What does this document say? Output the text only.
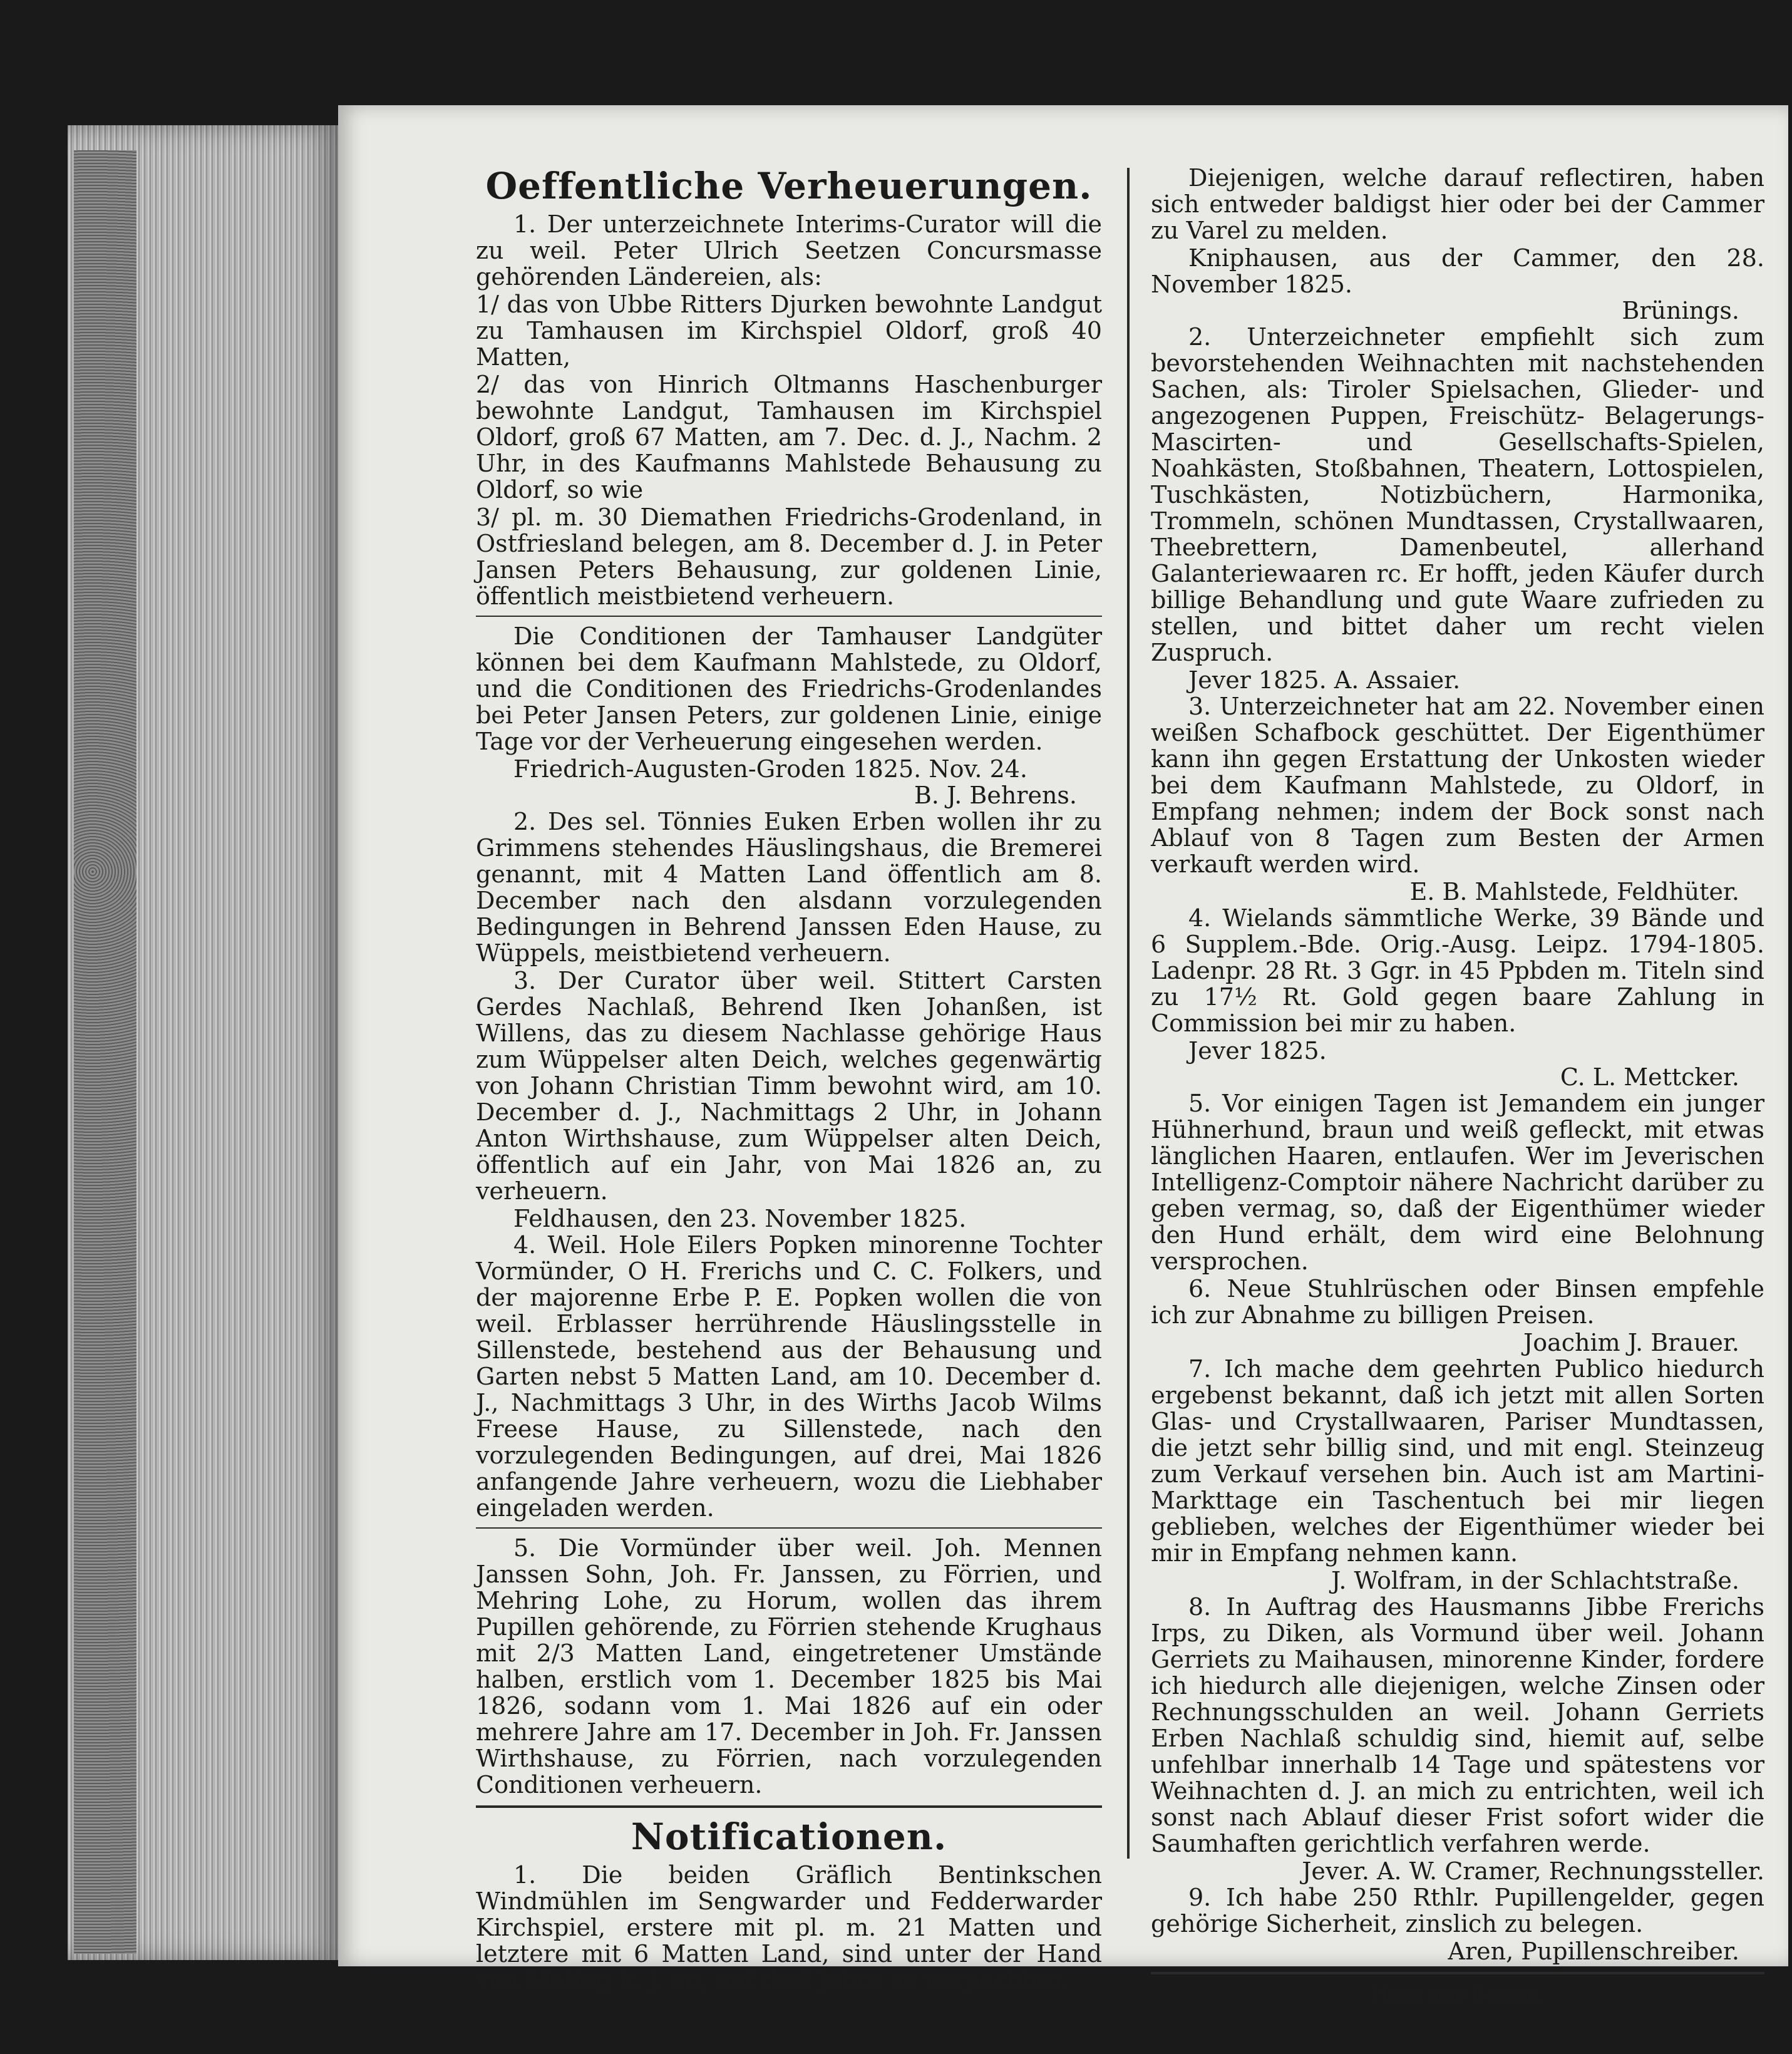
Oeffentliche Verheuerungen.

1. Der unterzeichnete Interims-Curator will die zu weil. Peter Ulrich Seetzen Concursmasse gehörenden Ländereien, als:

1/ das von Ubbe Ritters Djurken bewohnte Landgut zu Tamhausen im Kirchspiel Oldorf, groß 40 Matten,

2/ das von Hinrich Oltmanns Haschenburger bewohnte Landgut, Tamhausen im Kirchspiel Oldorf, groß 67 Matten, am 7. Dec. d. J., Nachm. 2 Uhr, in des Kaufmanns Mahlstede Behausung zu Oldorf, so wie

3/ pl. m. 30 Diemathen Friedrichs-Grodenland, in Ostfriesland belegen, am 8. December d. J. in Peter Jansen Peters Behausung, zur goldenen Linie, öffentlich meistbietend verheuern.

Die Conditionen der Tamhauser Landgüter können bei dem Kaufmann Mahlstede, zu Oldorf, und die Conditionen des Friedrichs-Grodenlandes bei Peter Jansen Peters, zur goldenen Linie, einige Tage vor der Verheuerung eingesehen werden.

Friedrich-Augusten-Groden 1825. Nov. 24.

B. J. Behrens.

2. Des sel. Tönnies Euken Erben wollen ihr zu Grimmens stehendes Häuslingshaus, die Bremerei genannt, mit 4 Matten Land öffentlich am 8. December nach den alsdann vorzulegenden Bedingungen in Behrend Janssen Eden Hause, zu Wüppels, meistbietend verheuern.

3. Der Curator über weil. Stittert Carsten Gerdes Nachlaß, Behrend Iken Johanßen, ist Willens, das zu diesem Nachlasse gehörige Haus zum Wüppelser alten Deich, welches gegenwärtig von Johann Christian Timm bewohnt wird, am 10. December d. J., Nachmittags 2 Uhr, in Johann Anton Wirthshause, zum Wüppelser alten Deich, öffentlich auf ein Jahr, von Mai 1826 an, zu verheuern.

Feldhausen, den 23. November 1825.

4. Weil. Hole Eilers Popken minorenne Tochter Vormünder, O H. Frerichs und C. C. Folkers, und der majorenne Erbe P. E. Popken wollen die von weil. Erblasser herrührende Häuslingsstelle in Sillenstede, bestehend aus der Behausung und Garten nebst 5 Matten Land, am 10. December d. J., Nachmittags 3 Uhr, in des Wirths Jacob Wilms Freese Hause, zu Sillenstede, nach den vorzulegenden Bedingungen, auf drei, Mai 1826 anfangende Jahre verheuern, wozu die Liebhaber eingeladen werden.

5. Die Vormünder über weil. Joh. Mennen Janssen Sohn, Joh. Fr. Janssen, zu Förrien, und Mehring Lohe, zu Horum, wollen das ihrem Pupillen gehörende, zu Förrien stehende Krughaus mit 2/3 Matten Land, eingetretener Umstände halben, erstlich vom 1. December 1825 bis Mai 1826, sodann vom 1. Mai 1826 auf ein oder mehrere Jahre am 17. December in Joh. Fr. Janssen Wirthshause, zu Förrien, nach vorzulegenden Conditionen verheuern.

Notificationen.

1. Die beiden Gräflich Bentinkschen Windmühlen im Sengwarder und Fedderwarder Kirchspiel, erstere mit pl. m. 21 Matten und letztere mit 6 Matten Land, sind unter der Hand von Maitag k. J. an, auf drei Jahre zu verpachten.

Diejenigen, welche darauf reflectiren, haben sich entweder baldigst hier oder bei der Cammer zu Varel zu melden.

Kniphausen, aus der Cammer, den 28. November 1825.

Brünings.

2. Unterzeichneter empfiehlt sich zum bevorstehenden Weihnachten mit nachstehenden Sachen, als: Tiroler Spielsachen, Glieder- und angezogenen Puppen, Freischütz- Belagerungs- Mascirten- und Gesellschafts-Spielen, Noahkästen, Stoßbahnen, Theatern, Lottospielen, Tuschkästen, Notizbüchern, Harmonika, Trommeln, schönen Mundtassen, Crystallwaaren, Theebrettern, Damenbeutel, allerhand Galanteriewaaren rc. Er hofft, jeden Käufer durch billige Behandlung und gute Waare zufrieden zu stellen, und bittet daher um recht vielen Zuspruch.

Jever 1825. A. Assaier.

3. Unterzeichneter hat am 22. November einen weißen Schafbock geschüttet. Der Eigenthümer kann ihn gegen Erstattung der Unkosten wieder bei dem Kaufmann Mahlstede, zu Oldorf, in Empfang nehmen; indem der Bock sonst nach Ablauf von 8 Tagen zum Besten der Armen verkauft werden wird.

E. B. Mahlstede, Feldhüter.

4. Wielands sämmtliche Werke, 39 Bände und 6 Supplem.-Bde. Orig.-Ausg. Leipz. 1794-1805. Ladenpr. 28 Rt. 3 Ggr. in 45 Ppbden m. Titeln sind zu 17½ Rt. Gold gegen baare Zahlung in Commission bei mir zu haben.

Jever 1825.

C. L. Mettcker.

5. Vor einigen Tagen ist Jemandem ein junger Hühnerhund, braun und weiß gefleckt, mit etwas länglichen Haaren, entlaufen. Wer im Jeverischen Intelligenz-Comptoir nähere Nachricht darüber zu geben vermag, so, daß der Eigenthümer wieder den Hund erhält, dem wird eine Belohnung versprochen.

6. Neue Stuhlrüschen oder Binsen empfehle ich zur Abnahme zu billigen Preisen.

Joachim J. Brauer.

7. Ich mache dem geehrten Publico hiedurch ergebenst bekannt, daß ich jetzt mit allen Sorten Glas- und Crystallwaaren, Pariser Mundtassen, die jetzt sehr billig sind, und mit engl. Steinzeug zum Verkauf versehen bin. Auch ist am Martini-Markttage ein Taschentuch bei mir liegen geblieben, welches der Eigenthümer wieder bei mir in Empfang nehmen kann.

J. Wolfram, in der Schlachtstraße.

8. In Auftrag des Hausmanns Jibbe Frerichs Irps, zu Diken, als Vormund über weil. Johann Gerriets zu Maihausen, minorenne Kinder, fordere ich hiedurch alle diejenigen, welche Zinsen oder Rechnungsschulden an weil. Johann Gerriets Erben Nachlaß schuldig sind, hiemit auf, selbe unfehlbar innerhalb 14 Tage und spätestens vor Weihnachten d. J. an mich zu entrichten, weil ich sonst nach Ablauf dieser Frist sofort wider die Saumhaften gerichtlich verfahren werde.

Jever. A. W. Cramer, Rechnungssteller.

9. Ich habe 250 Rthlr. Pupillengelder, gegen gehörige Sicherheit, zinslich zu belegen.

Aren, Pupillenschreiber.

Hiezu eine Beilage.
